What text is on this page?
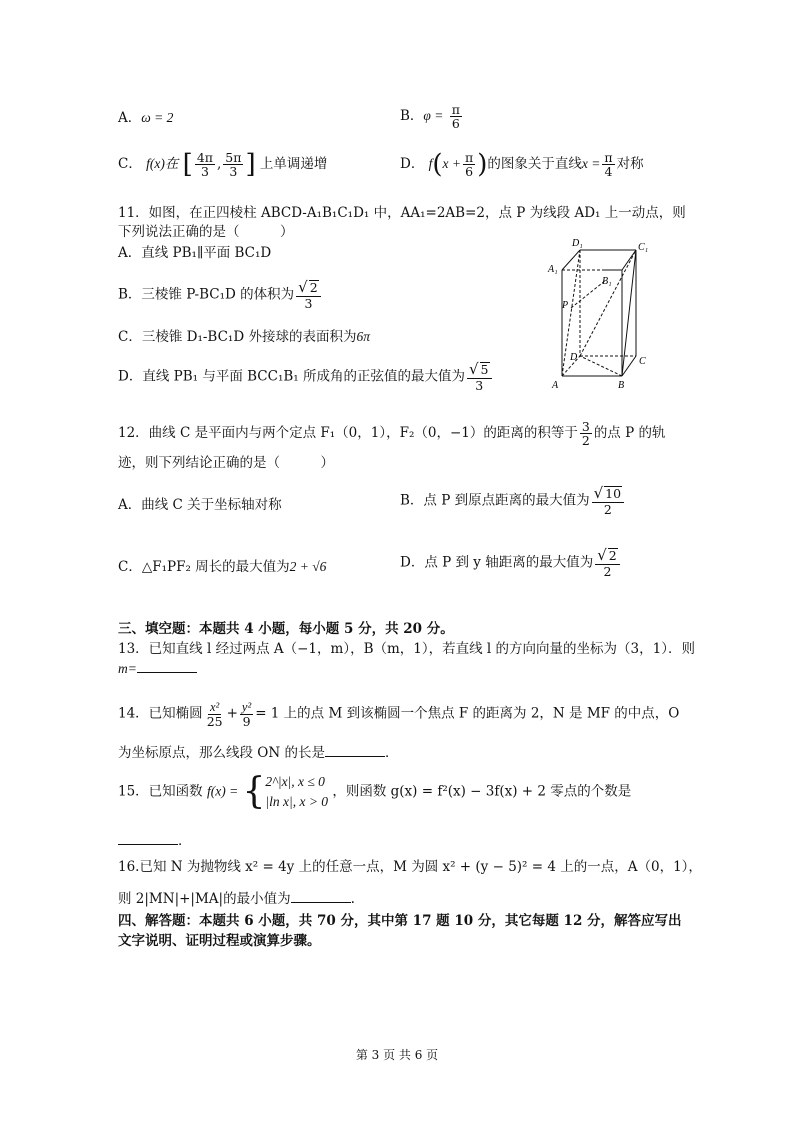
A．ω = 2	B．$\varphi = \frac{\pi}{6}$
C． f(x)在 [ $\frac{4\pi}{3}$ , $\frac{5\pi}{3}$ ] 上单调递增	D． $f(x + \frac{\pi}{6}$ )的图象关于直线$x = \frac{\pi}{4}$ 对称
11．如图，在正四棱柱 ABCD-A₁B₁C₁D₁ 中，AA₁=2AB=2，点 P 为线段 AD₁ 上一动点，则
下列说法正确的是（　　　）
A．直线 PB₁∥平面 BC₁D
B．三棱锥 P-BC₁D 的体积为 $\frac{√ 2}{3}$
C．三棱锥 D₁-BC₁D 外接球的表面积为6π
D．直线 PB₁ 与平面 BCC₁B₁ 所成角的正弦值的最大值为 $\frac{√ 5}{3}$
D₁	C₁
A₁
B₁
P
D	C
A	B
12．曲线 C 是平面内与两个定点 F₁（0，1），F₂（0，−1）的距离的积等于 $\frac{3}{2}$ 的点 P 的轨
迹，则下列结论正确的是（　　　）
A．曲线 C 关于坐标轴对称	B．点 P 到原点距离的最大值为 $\frac{√ 10}{2}$
C．△F₁PF₂ 周长的最大值为2 + √6	D．点 P 到 y 轴距离的最大值为 $\frac{√ 2}{2}$
三、填空题：本题共 4 小题，每小题 5 分，共 20 分。
13．已知直线 l 经过两点 A（−1，m），B（m，1），若直线 l 的方向向量的坐标为（3，1）．则
m=
14．已知椭圆 $\frac{\text{x²}}{25} + \frac{\text{y²}}{9} = 1$ 上的点 M 到该椭圆一个焦点 F 的距离为 2，N 是 MF 的中点，O
为坐标原点，那么线段 ON 的长是	．
15．已知函数 f(x) = { 2^|x|, x ≤ 0
|ln x|, x > 0
，则函数 g(x) = f²(x) − 3f(x) + 2 零点的个数是
．
16.已知 N 为抛物线 x² = 4y 上的任意一点，M 为圆 x² + (y − 5)² = 4 上的一点，A（0，1），
则 2|MN|+|MA|的最小值为	.
四、解答题：本题共 6 小题，共 70 分，其中第 17 题 10 分，其它每题 12 分，解答应写出
文字说明、证明过程或演算步骤。
第 3 页 共 6 页
